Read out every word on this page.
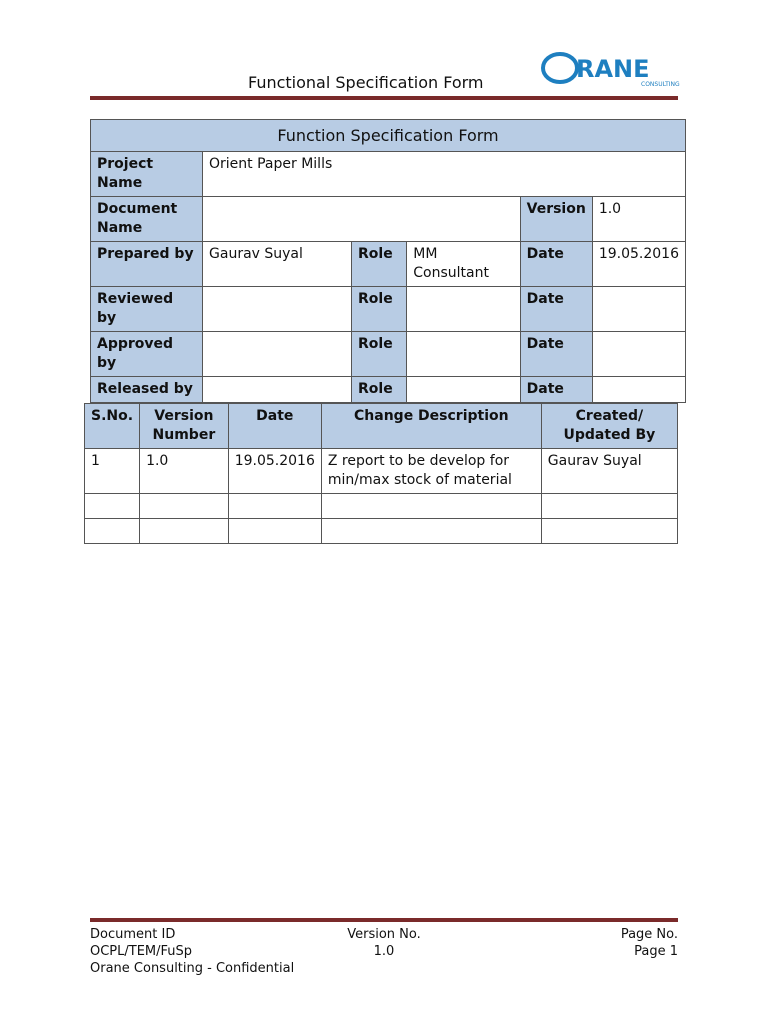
Functional Specification Form	RANE
CONSULTING
Function Specification Form					
Project Name	Orient Paper Mills				
Document Name				Version	1.0
Prepared by	Gaurav Suyal	Role	MM Consultant	Date	19.05.2016
Reviewed by		Role		Date	
Approved by		Role		Date	
Released by		Role		Date	
S.No.	Version Number	Date	Change Description	Created/ Updated By
1	1.0	19.05.2016	Z report to be develop for min/max stock of material	Gaurav Suyal

Document ID
OCPL/TEM/FuSp
Orane Consulting - Confidential
Version No.
1.0
Page No.
Page 1
